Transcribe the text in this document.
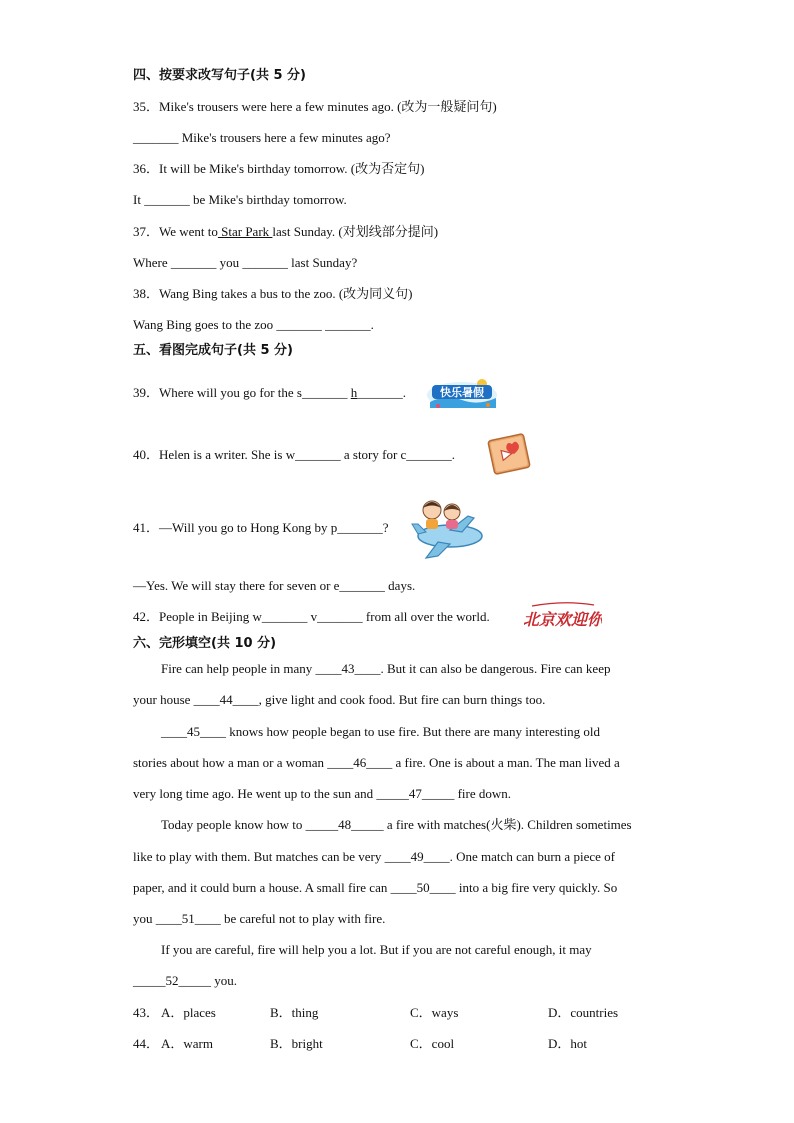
四、按要求改写句子(共 5 分)
35．Mike's trousers were here a few minutes ago. (改为一般疑问句)
_______ Mike's trousers here a few minutes ago?
36．It will be Mike's birthday tomorrow. (改为否定句)
It _______ be Mike's birthday tomorrow.
37．We went to Star Park last Sunday. (对划线部分提问)
Where _______ you _______ last Sunday?
38．Wang Bing takes a bus to the zoo. (改为同义句)
Wang Bing goes to the zoo _______ _______.
五、看图完成句子(共 5 分)
39．Where will you go for the s_______ h_______.	快乐暑假
40．Helen is a writer. She is w_______ a story for c_______.
41．—Will you go to Hong Kong by p_______?
—Yes. We will stay there for seven or e_______ days.
42．People in Beijing w_______ v_______ from all over the world. 北京欢迎你
六、完形填空(共 10 分)
Fire can help people in many ____43____. But it can also be dangerous. Fire can keep
your house ____44____, give light and cook food. But fire can burn things too.
____45____ knows how people began to use fire. But there are many interesting old
stories about how a man or a woman ____46____ a fire. One is about a man. The man lived a
very long time ago. He went up to the sun and _____47_____ fire down.
Today people know how to _____48_____ a fire with matches(火柴). Children sometimes
like to play with them. But matches can be very ____49____. One match can burn a piece of
paper, and it could burn a house. A small fire can ____50____ into a big fire very quickly. So
you ____51____ be careful not to play with fire.
If you are careful, fire will help you a lot. But if you are not careful enough, it may
_____52_____ you.
43． A．places	B．thing	C．ways	D．countries
44． A．warm	B．bright	C．cool	D．hot
